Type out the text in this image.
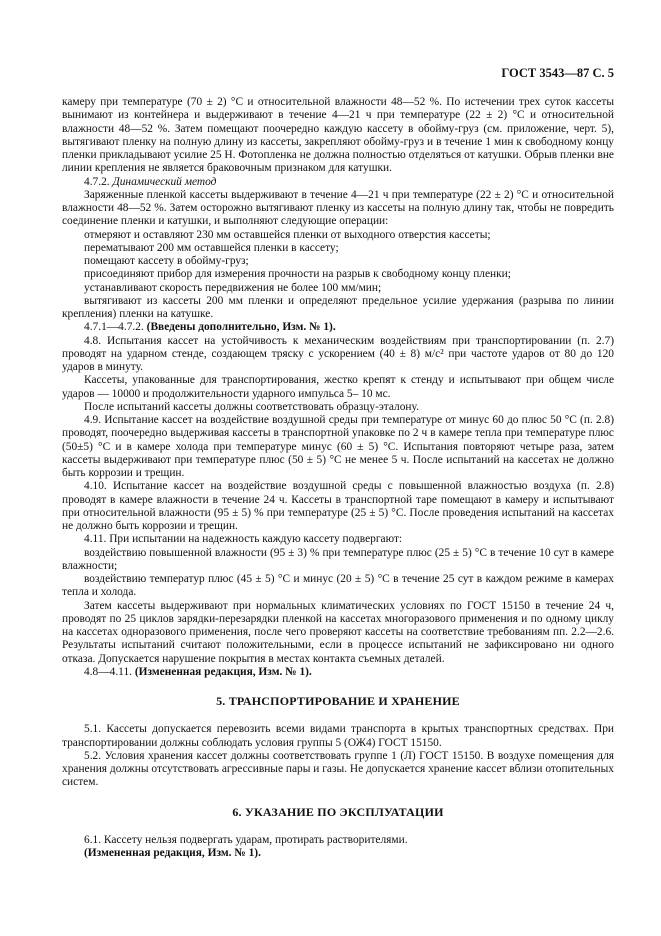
ГОСТ 3543—87 С. 5

камеру при температуре (70 ± 2) °С и относительной влажности 48—52 %. По истечении трех суток кассеты вынимают из контейнера и выдерживают в течение 4—21 ч при температуре (22 ± 2) °С и относительной влажности 48—52 %. Затем помещают поочередно каждую кассету в обойму-груз (см. приложение, черт. 5), вытягивают пленку на полную длину из кассеты, закрепляют обойму-груз и в течение 1 мин к свободному концу пленки прикладывают усилие 25 Н. Фотопленка не должна полностью отделяться от катушки. Обрыв пленки вне линии крепления не является браковочным признаком для катушки.

4.7.2. Динамический метод

Заряженные пленкой кассеты выдерживают в течение 4—21 ч при температуре (22 ± 2) °С и относительной влажности 48—52 %. Затем осторожно вытягивают пленку из кассеты на полную длину так, чтобы не повредить соединение пленки и катушки, и выполняют следующие операции:

отмеряют и оставляют 230 мм оставшейся пленки от выходного отверстия кассеты;

перематывают 200 мм оставшейся пленки в кассету;

помещают кассету в обойму-груз;

присоединяют прибор для измерения прочности на разрыв к свободному концу пленки;

устанавливают скорость передвижения не более 100 мм/мин;

вытягивают из кассеты 200 мм пленки и определяют предельное усилие удержания (разрыва по линии крепления) пленки на катушке.

4.7.1—4.7.2. (Введены дополнительно, Изм. № 1).

4.8. Испытания кассет на устойчивость к механическим воздействиям при транспортировании (п. 2.7) проводят на ударном стенде, создающем тряску с ускорением (40 ± 8) м/с² при частоте ударов от 80 до 120 ударов в минуту.

Кассеты, упакованные для транспортирования, жестко крепят к стенду и испытывают при общем числе ударов — 10000 и продолжительности ударного импульса 5– 10 мс.

После испытаний кассеты должны соответствовать образцу-эталону.

4.9. Испытание кассет на воздействие воздушной среды при температуре от минус 60 до плюс 50 °С (п. 2.8) проводят, поочередно выдерживая кассеты в транспортной упаковке по 2 ч в камере тепла при температуре плюс (50±5) °С и в камере холода при температуре минус (60 ± 5) °С. Испытания повторяют четыре раза, затем кассеты выдерживают при температуре плюс (50 ± 5) °С не менее 5 ч. После испытаний на кассетах не должно быть коррозии и трещин.

4.10. Испытание кассет на воздействие воздушной среды с повышенной влажностью воздуха (п. 2.8) проводят в камере влажности в течение 24 ч. Кассеты в транспортной таре помещают в камеру и испытывают при относительной влажности (95 ± 5) % при температуре (25 ± 5) °С. После проведения испытаний на кассетах не должно быть коррозии и трещин.

4.11. При испытании на надежность каждую кассету подвергают:

воздействию повышенной влажности (95 ± 3) % при температуре плюс (25 ± 5) °С в течение 10 сут в камере влажности;

воздействию температур плюс (45 ± 5) °С и минус (20 ± 5) °С в течение 25 сут в каждом режиме в камерах тепла и холода.

Затем кассеты выдерживают при нормальных климатических условиях по ГОСТ 15150 в течение 24 ч, проводят по 25 циклов зарядки-перезарядки пленкой на кассетах многоразового применения и по одному циклу на кассетах одноразового применения, после чего проверяют кассеты на соответствие требованиям пп. 2.2—2.6. Результаты испытаний считают положительными, если в процессе испытаний не зафиксировано ни одного отказа. Допускается нарушение покрытия в местах контакта съемных деталей.

4.8—4.11. (Измененная редакция, Изм. № 1).

5. ТРАНСПОРТИРОВАНИЕ И ХРАНЕНИЕ

5.1. Кассеты допускается перевозить всеми видами транспорта в крытых транспортных средствах. При транспортировании должны соблюдать условия группы 5 (ОЖ4) ГОСТ 15150.

5.2. Условия хранения кассет должны соответствовать группе 1 (Л) ГОСТ 15150. В воздухе помещения для хранения должны отсутствовать агрессивные пары и газы. Не допускается хранение кассет вблизи отопительных систем.

6. УКАЗАНИЕ ПО ЭКСПЛУАТАЦИИ

6.1. Кассету нельзя подвергать ударам, протирать растворителями.

(Измененная редакция, Изм. № 1).
